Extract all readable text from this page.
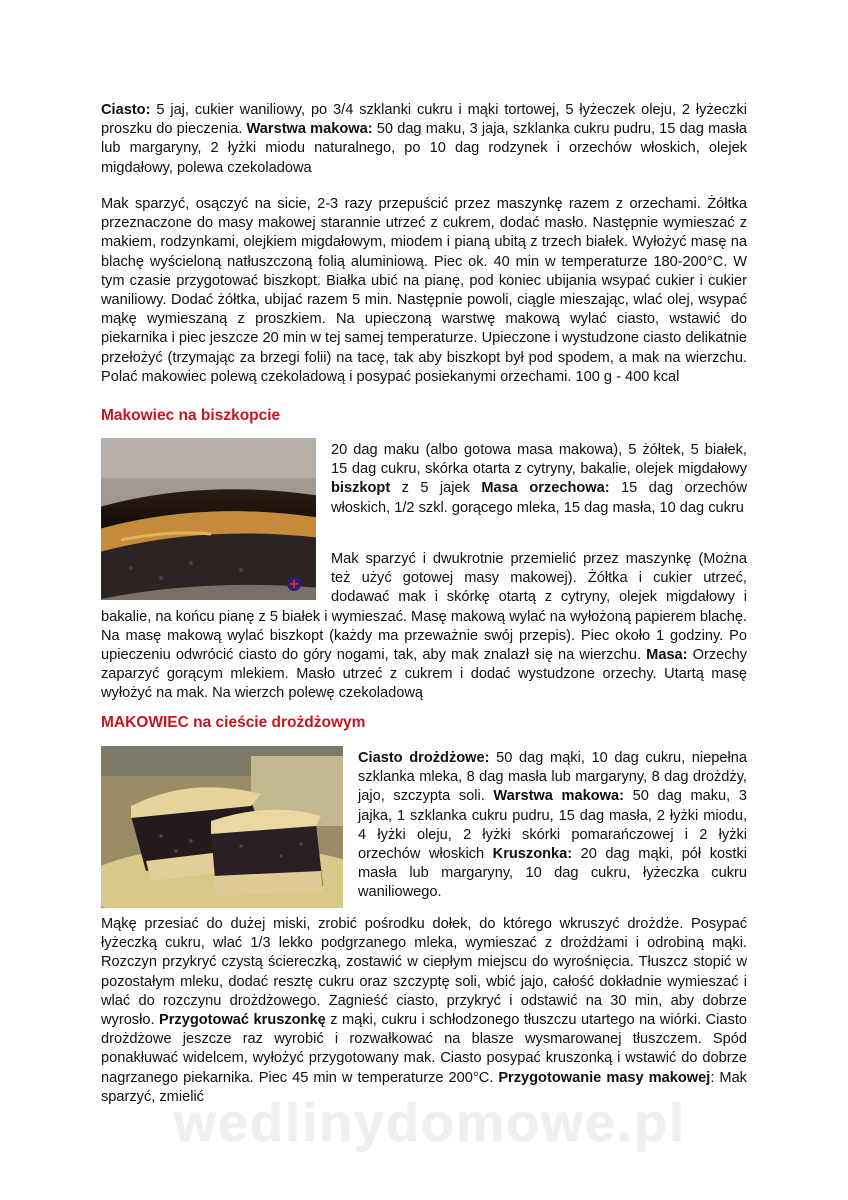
Ciasto: 5 jaj, cukier waniliowy, po 3/4 szklanki cukru i mąki tortowej, 5 łyżeczek oleju, 2 łyżeczki proszku do pieczenia. Warstwa makowa: 50 dag maku, 3 jaja, szklanka cukru pudru, 15 dag masła lub margaryny, 2 łyżki miodu naturalnego, po 10 dag rodzynek i orzechów włoskich, olejek migdałowy, polewa czekoladowa

Mak sparzyć, osączyć na sicie, 2-3 razy przepuścić przez maszynkę razem z orzechami. Żółtka przeznaczone do masy makowej starannie utrzeć z cukrem, dodać masło. Następnie wymieszać z makiem, rodzynkami, olejkiem migdałowym, miodem i pianą ubitą z trzech białek. Wyłożyć masę na blachę wyścieloną natłuszczoną folią aluminiową. Piec ok. 40 min w temperaturze 180-200°C. W tym czasie przygotować biszkopt. Białka ubić na pianę, pod koniec ubijania wsypać cukier i cukier waniliowy. Dodać żółtka, ubijać razem 5 min. Następnie powoli, ciągle mieszając, wlać olej, wsypać mąkę wymieszaną z proszkiem. Na upieczoną warstwę makową wylać ciasto, wstawić do piekarnika i piec jeszcze 20 min w tej samej temperaturze. Upieczone i wystudzone ciasto delikatnie przełożyć (trzymając za brzegi folii) na tacę, tak aby biszkopt był pod spodem, a mak na wierzchu. Polać makowiec polewą czekoladową i posypać posiekanymi orzechami. 100 g - 400 kcal

Makowiec na biszkopcie

20 dag maku (albo gotowa masa makowa), 5 żółtek, 5 białek, 15 dag cukru, skórka otarta z cytryny, bakalie, olejek migdałowy biszkopt z 5 jajek Masa orzechowa: 15 dag orzechów włoskich, 1/2 szkl. gorącego mleka, 15 dag masła, 10 dag cukru

Mak sparzyć i dwukrotnie przemielić przez maszynkę (Można też użyć gotowej masy makowej). Żółtka i cukier utrzeć, dodawać mak i skórkę otartą z cytryny, olejek migdałowy i bakalie, na końcu pianę z 5 białek i wymieszać. Masę makową wylać na wyłożoną papierem blachę. Na masę makową wylać biszkopt (każdy ma przeważnie swój przepis). Piec około 1 godziny. Po upieczeniu odwrócić ciasto do góry nogami, tak, aby mak znalazł się na wierzchu. Masa: Orzechy zaparzyć gorącym mlekiem. Masło utrzeć z cukrem i dodać wystudzone orzechy. Utartą masę wyłożyć na mak. Na wierzch polewę czekoladową

MAKOWIEC na cieście drożdżowym

Ciasto drożdżowe: 50 dag mąki, 10 dag cukru, niepełna szklanka mleka, 8 dag masła lub margaryny, 8 dag drożdży, jajo, szczypta soli. Warstwa makowa: 50 dag maku, 3 jajka, 1 szklanka cukru pudru, 15 dag masła, 2 łyżki miodu, 4 łyżki oleju, 2 łyżki skórki pomarańczowej i 2 łyżki orzechów włoskich Kruszonka: 20 dag mąki, pół kostki masła lub margaryny, 10 dag cukru, łyżeczka cukru waniliowego.

Mąkę przesiać do dużej miski, zrobić pośrodku dołek, do którego wkruszyć drożdże. Posypać łyżeczką cukru, wlać 1/3 lekko podgrzanego mleka, wymieszać z drożdżami i odrobiną mąki. Rozczyn przykryć czystą ściereczką, zostawić w ciepłym miejscu do wyrośnięcia. Tłuszcz stopić w pozostałym mleku, dodać resztę cukru oraz szczyptę soli, wbić jajo, całość dokładnie wymieszać i wlać do rozczynu drożdżowego. Zagnieść ciasto, przykryć i odstawić na 30 min, aby dobrze wyrosło. Przygotować kruszonkę z mąki, cukru i schłodzonego tłuszczu utartego na wiórki. Ciasto drożdżowe jeszcze raz wyrobić i rozwałkować na blasze wysmarowanej tłuszczem. Spód ponakłuwać widelcem, wyłożyć przygotowany mak. Ciasto posypać kruszonką i wstawić do dobrze nagrzanego piekarnika. Piec 45 min w temperaturze 200°C. Przygotowanie masy makowej: Mak sparzyć, zmielić

wedlinydomowe.pl
